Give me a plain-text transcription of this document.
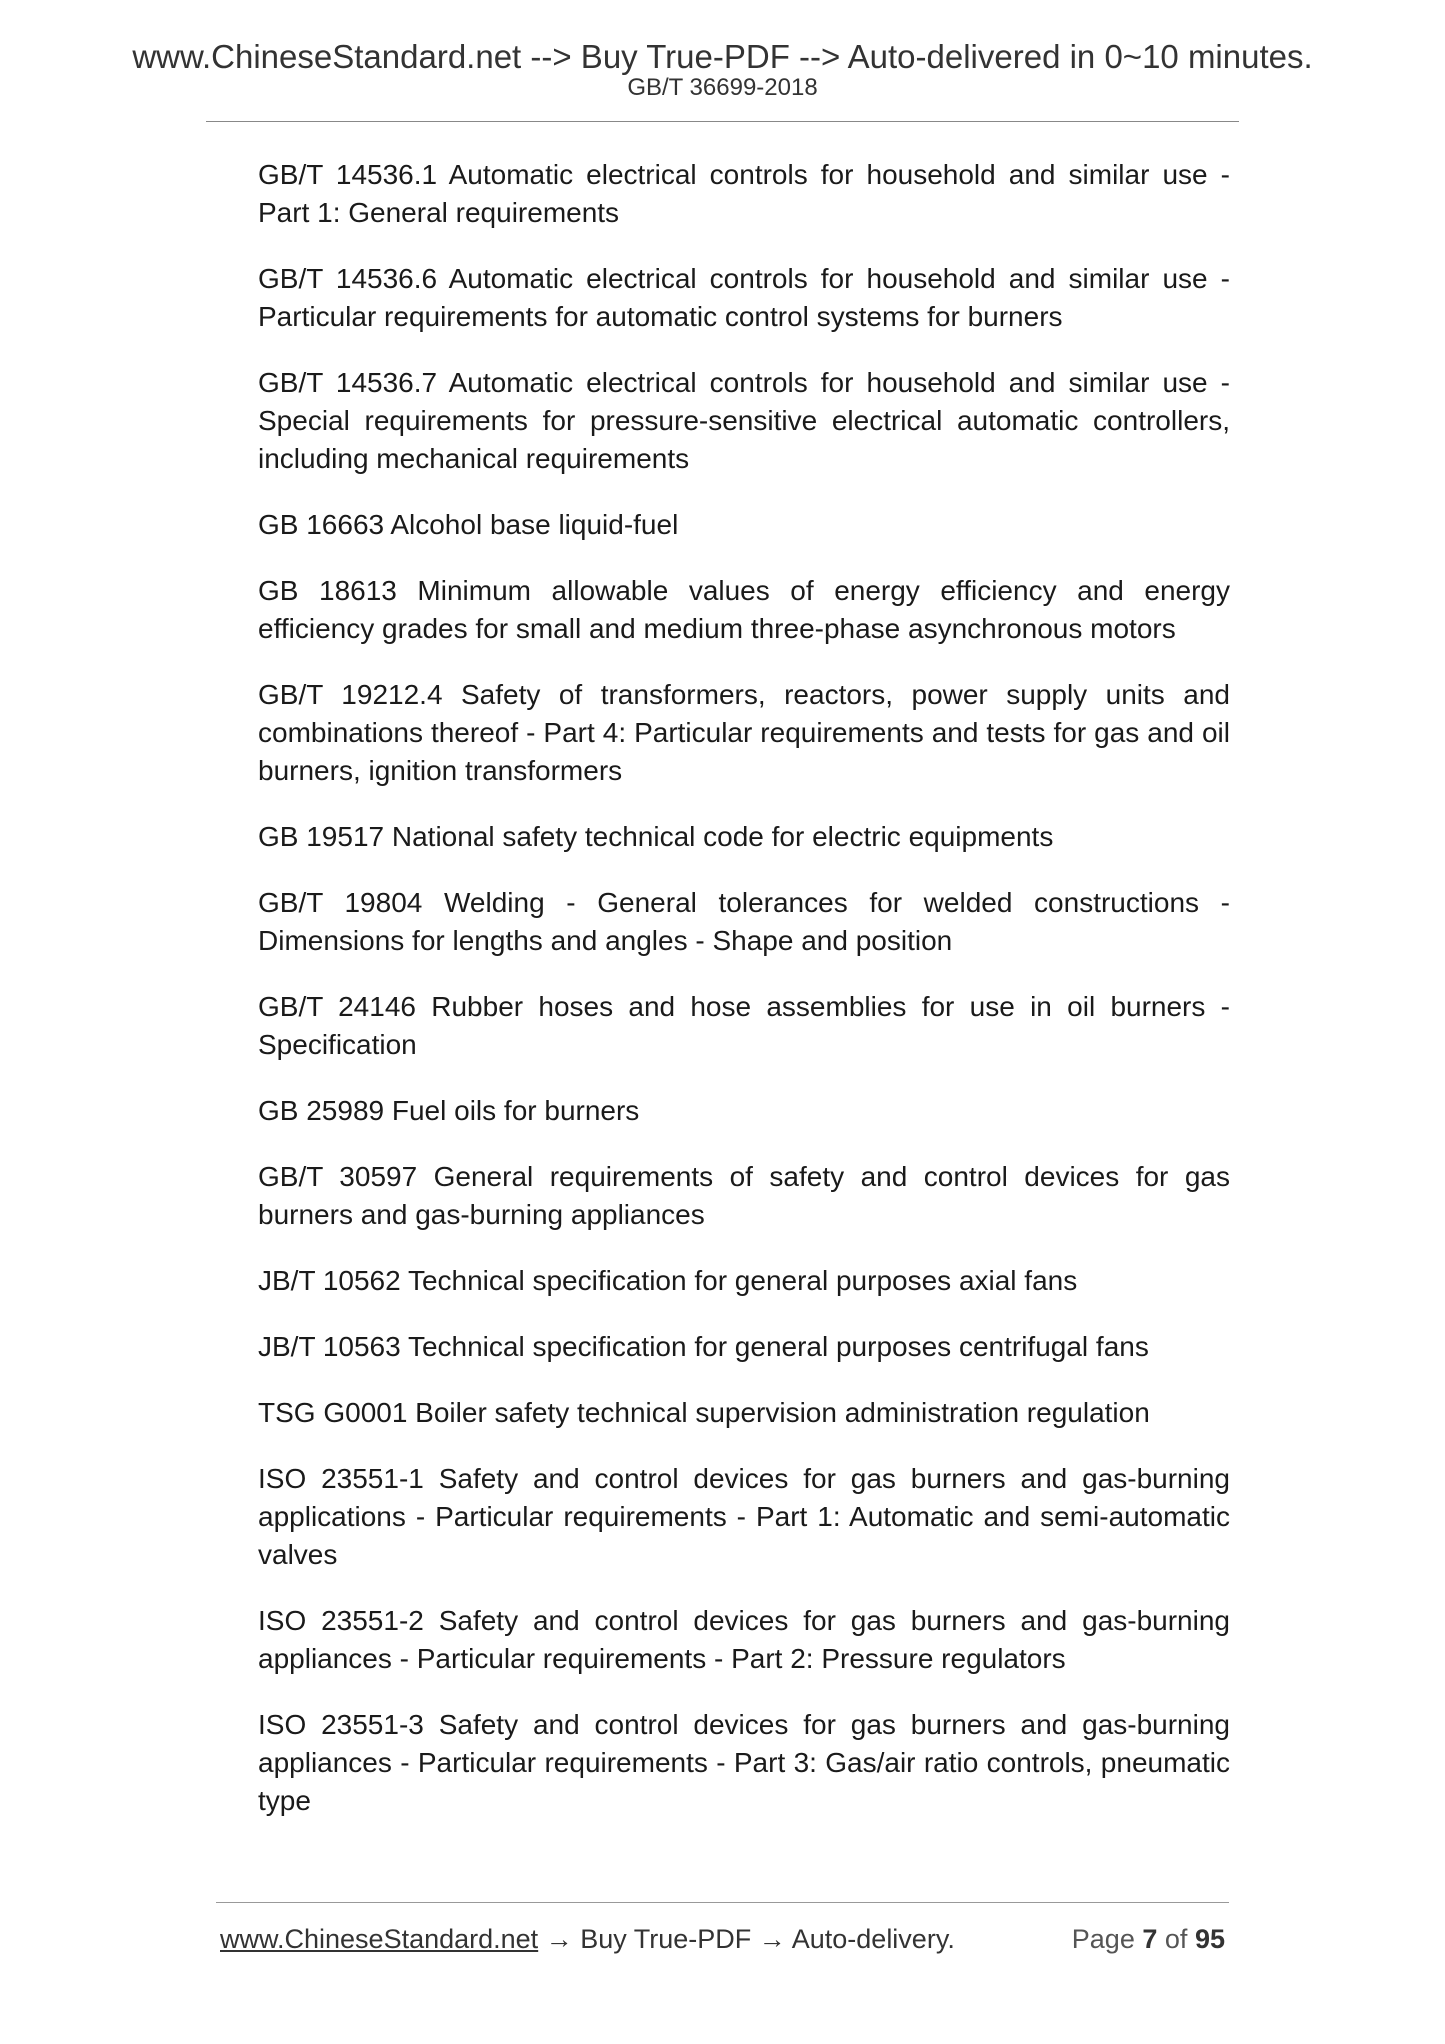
www.ChineseStandard.net --> Buy True-PDF --> Auto-delivered in 0~10 minutes.
GB/T 36699-2018

GB/T 14536.1 Automatic electrical controls for household and similar use - Part 1: General requirements

GB/T 14536.6 Automatic electrical controls for household and similar use - Particular requirements for automatic control systems for burners

GB/T 14536.7 Automatic electrical controls for household and similar use - Special requirements for pressure-sensitive electrical automatic controllers, including mechanical requirements

GB 16663 Alcohol base liquid-fuel

GB 18613 Minimum allowable values of energy efficiency and energy efficiency grades for small and medium three-phase asynchronous motors

GB/T 19212.4 Safety of transformers, reactors, power supply units and combinations thereof - Part 4: Particular requirements and tests for gas and oil burners, ignition transformers

GB 19517 National safety technical code for electric equipments

GB/T 19804 Welding - General tolerances for welded constructions - Dimensions for lengths and angles - Shape and position

GB/T 24146 Rubber hoses and hose assemblies for use in oil burners - Specification

GB 25989 Fuel oils for burners

GB/T 30597 General requirements of safety and control devices for gas burners and gas-burning appliances

JB/T 10562 Technical specification for general purposes axial fans

JB/T 10563 Technical specification for general purposes centrifugal fans

TSG G0001 Boiler safety technical supervision administration regulation

ISO 23551-1 Safety and control devices for gas burners and gas-burning applications - Particular requirements - Part 1: Automatic and semi-automatic valves

ISO 23551-2 Safety and control devices for gas burners and gas-burning appliances - Particular requirements - Part 2: Pressure regulators

ISO 23551-3 Safety and control devices for gas burners and gas-burning appliances - Particular requirements - Part 3: Gas/air ratio controls, pneumatic type

www.ChineseStandard.net → Buy True-PDF → Auto-delivery.	Page 7 of 95
